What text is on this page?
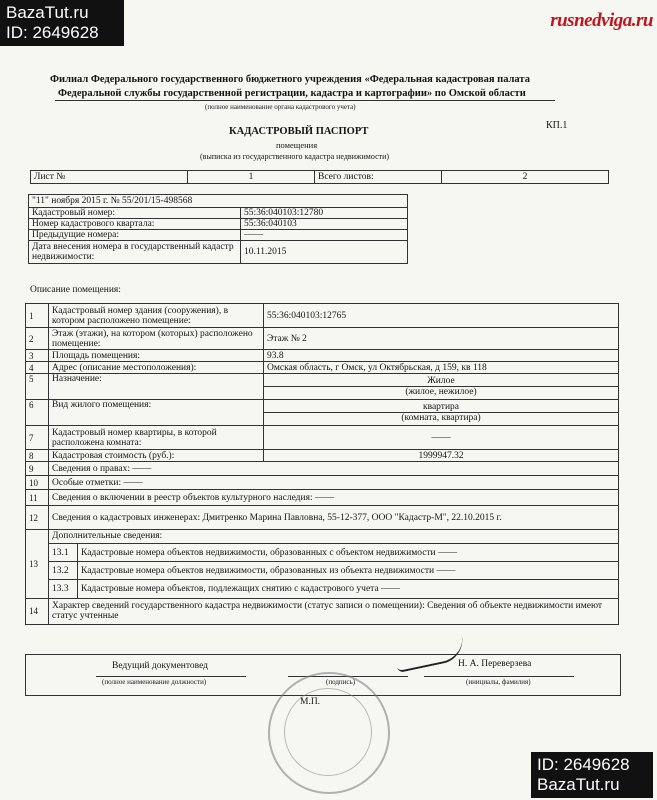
BazaTut.ru
ID: 2649628
rusnedviga.ru
Филиал Федерального государственного бюджетного учреждения «Федеральная кадастровая палата
Федеральной службы государственной регистрации, кадастра и картографии» по Омской области
(полное наименование органа кадастрового учета)
КП.1
КАДАСТРОВЫЙ ПАСПОРТ
помещения
(выписка из государственного кадастра недвижимости)
Лист №	1	Всего листов:	2
"11" ноября 2015 г. № 55/201/15-498568	
Кадастровый номер:	55:36:040103:12780
Номер кадастрового квартала:	55:36:040103
Предыдущие номера:	——
Дата внесения номера в государственный кадастр недвижимости:	10.11.2015
Описание помещения:
1	Кадастровый номер здания (сооружения), в котором расположено помещение:	55:36:040103:12765
2	Этаж (этажи), на котором (которых) расположено помещение:	Этаж № 2
3	Площадь помещения:	93.8
4	Адрес (описание местоположения):	Омская область, г Омск, ул Октябрьская, д 159, кв 118
5	Назначение:	Жилое
(жилое, нежилое)

6	Вид жилого помещения:	квартира
(комната, квартира)

7	Кадастровый номер квартиры, в которой расположена комната:	——
8	Кадастровая стоимость (руб.):	1999947.32
9	Сведения о правах: ——
10	Особые отметки: ——
11	Сведения о включении в реестр объектов культурного наследия: ——
12	Сведения о кадастровых инженерах: Дмитренко Марина Павловна, 55-12-377, ООО "Кадастр-М", 22.10.2015 г.
13	
Дополнительные сведения:
13.1	Кадастровые номера объектов недвижимости, образованных с объектом недвижимости ——
13.2	Кадастровые номера объектов недвижимости, образованных из объекта недвижимости ——
13.3	Кадастровые номера объектов, подлежащих снятию с кадастрового учета ——

14	Характер сведений государственного кадастра недвижимости (статус записи о помещении): Сведения об объекте недвижимости имеют статус учтенные
Ведущий документовед
(полное наименование должности)	(подпись)
Н. А. Переверзева
(инициалы, фамилия)
М.П.
ID: 2649628
BazaTut.ru
